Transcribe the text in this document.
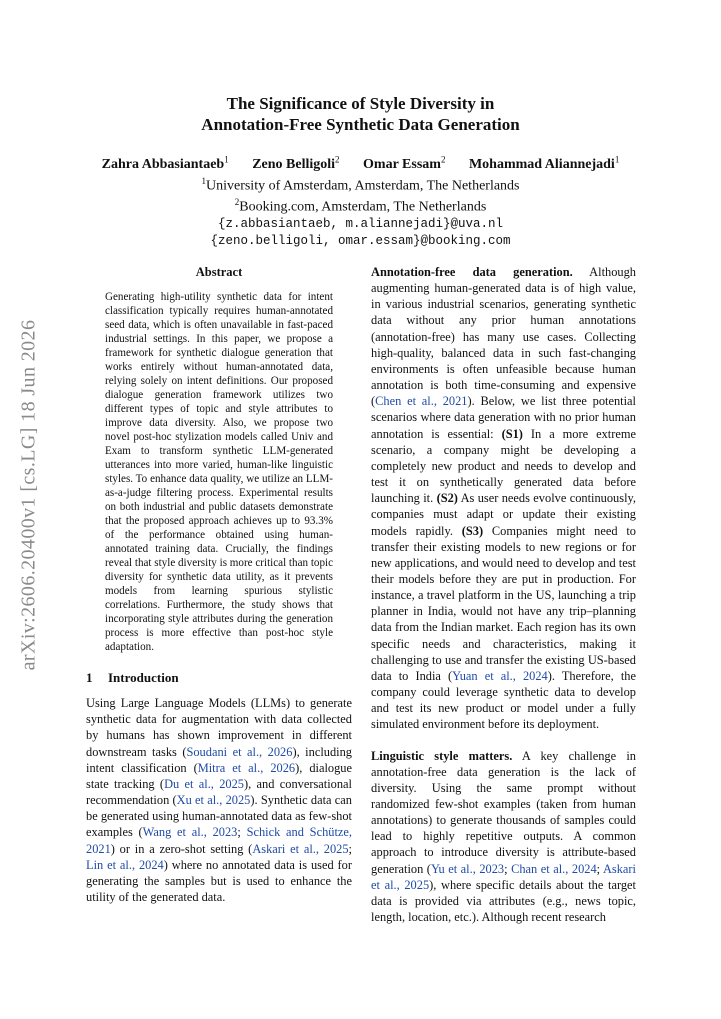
arXiv:2606.20400v1 [cs.LG] 18 Jun 2026
The Significance of Style Diversity in
Annotation-Free Synthetic Data Generation
Zahra Abbasiantaeb$^1$ Zeno Belligoli$^2$ Omar Essam$^2$ Mohammad Aliannejadi$^1$
$^1$University of Amsterdam, Amsterdam, The Netherlands
$^2$Booking.com, Amsterdam, The Netherlands
{z.abbasiantaeb, m.aliannejadi}@uva.nl
{zeno.belligoli, omar.essam}@booking.com
Abstract

Generating high-utility synthetic data for intent classification typically requires human-annotated seed data, which is often unavailable in fast-paced industrial settings. In this paper, we propose a framework for synthetic dialogue generation that works entirely without human-annotated data, relying solely on intent definitions. Our proposed dialogue generation framework utilizes two different types of topic and style attributes to improve data diversity. Also, we propose two novel post-hoc stylization models called Univ and Exam to transform synthetic LLM-generated utterances into more varied, human-like linguistic styles. To enhance data quality, we utilize an LLM-as-a-judge filtering process. Experimental results on both industrial and public datasets demonstrate that the proposed approach achieves up to 93.3% of the performance obtained using human-annotated training data. Crucially, the findings reveal that style diversity is more critical than topic diversity for synthetic data utility, as it prevents models from learning spurious stylistic correlations. Furthermore, the study shows that incorporating style attributes during the generation process is more effective than post-hoc style adaptation.

1 Introduction

Using Large Language Models (LLMs) to generate synthetic data for augmentation with data collected by humans has shown improvement in different downstream tasks (Soudani et al., 2026), including intent classification (Mitra et al., 2026), dialogue state tracking (Du et al., 2025), and conversational recommendation (Xu et al., 2025). Synthetic data can be generated using human-annotated data as few-shot examples (Wang et al., 2023; Schick and Schütze, 2021) or in a zero-shot setting (Askari et al., 2025; Lin et al., 2024) where no annotated data is used for generating the samples but is used to enhance the utility of the generated data.

Annotation-free data generation. Although augmenting human-generated data is of high value, in various industrial scenarios, generating synthetic data without any prior human annotations (annotation-free) has many use cases. Collecting high-quality, balanced data in such fast-changing environments is often unfeasible because human annotation is both time-consuming and expensive (Chen et al., 2021). Below, we list three potential scenarios where data generation with no prior human annotation is essential: (S1) In a more extreme scenario, a company might be developing a completely new product and needs to develop and test it on synthetically generated data before launching it. (S2) As user needs evolve continuously, companies must adapt or update their existing models rapidly. (S3) Companies might need to transfer their existing models to new regions or for new applications, and would need to develop and test their models before they are put in production. For instance, a travel platform in the US, launching a trip planner in India, would not have any trip–planning data from the Indian market. Each region has its own specific needs and characteristics, making it challenging to use and transfer the existing US-based data to India (Yuan et al., 2024). Therefore, the company could leverage synthetic data to develop and test its new product or model under a fully simulated environment before its deployment.

Linguistic style matters. A key challenge in annotation-free data generation is the lack of diversity. Using the same prompt without randomized few-shot examples (taken from human annotations) to generate thousands of samples could lead to highly repetitive outputs. A common approach to introduce diversity is attribute-based generation (Yu et al., 2023; Chan et al., 2024; Askari et al., 2025), where specific details about the target data is provided via attributes (e.g., news topic, length, location, etc.). Although recent research
